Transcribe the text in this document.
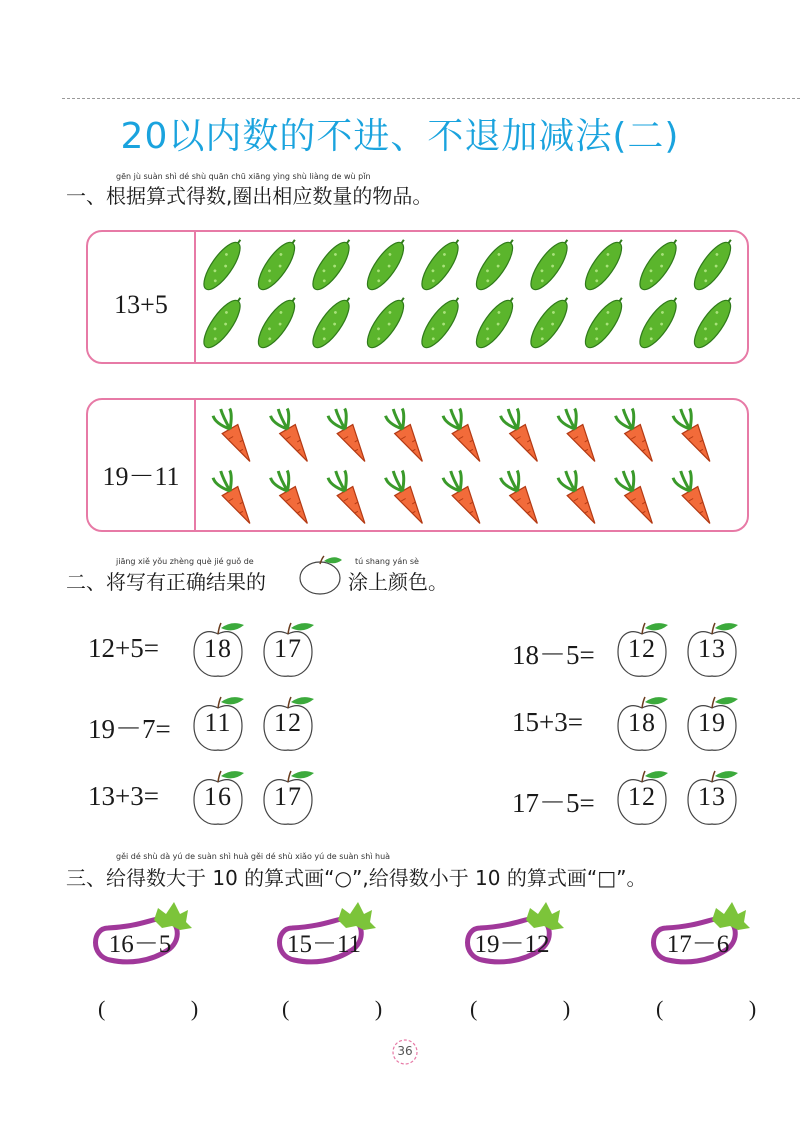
20以内数的不进、不退加减法(二)
gēn jù suàn shì dé shù quān chū xiāng yìng shù liàng de wù pǐn
一、根据算式得数,圈出相应数量的物品。
13+5
19－11
jiāng xiě yǒu zhèng què jié guǒ de
二、将写有正确结果的
tú shang yán sè
涂上颜色。
12+5=	18	17	18－5=	12	13
19－7=	11	12	15+3=	18	19
13+3=	16	17	17－5=	12	13
gěi dé shù dà yú de suàn shì huà gěi dé shù xiǎo yú de suàn shì huà
三、给得数大于 10 的算式画“○”,给得数小于 10 的算式画“□”。
16－5
( )
15－11
( )
19－12
( )
17－6
( )
36
